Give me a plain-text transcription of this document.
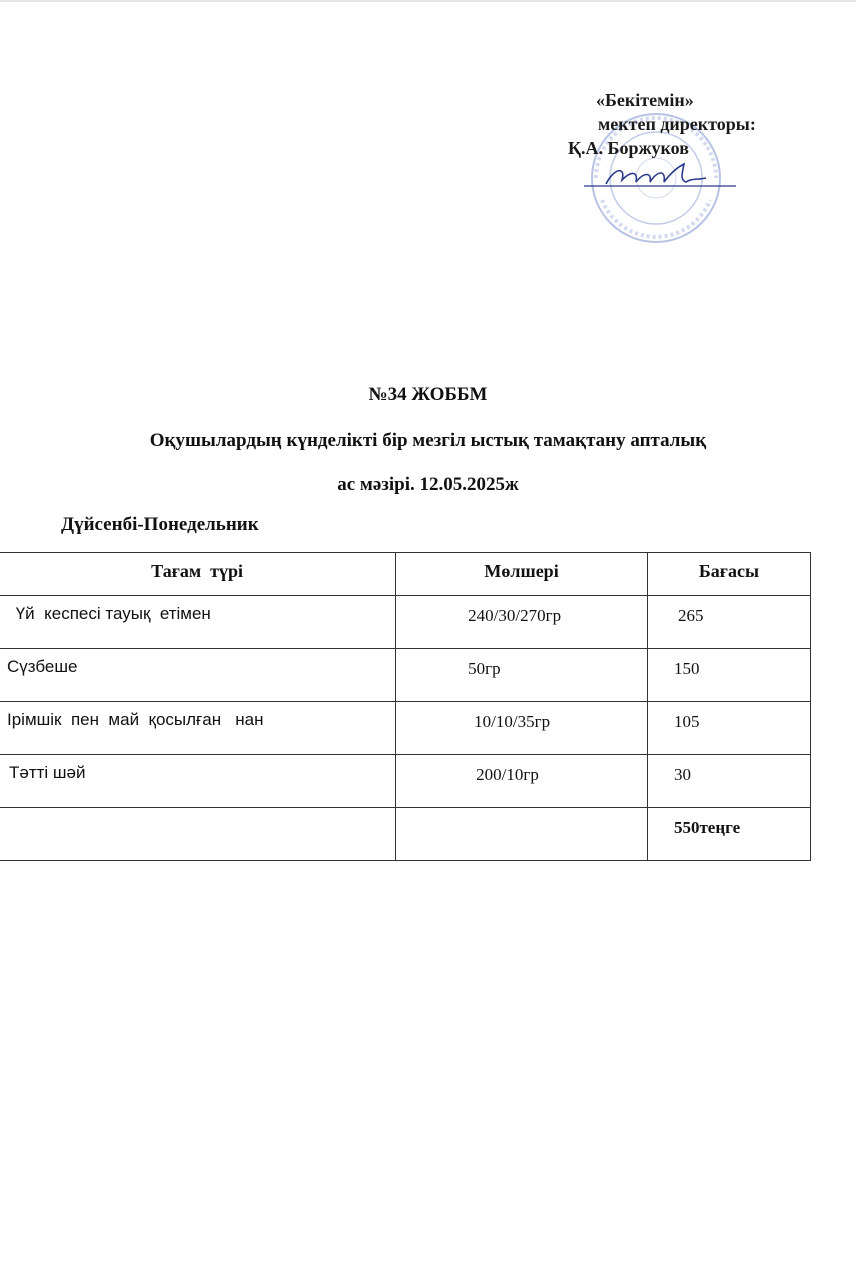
«Бекітемін»
мектеп директоры:
Қ.А. Боржуков
№34 ЖОББМ
Оқушылардың күнделікті бір мезгіл ыстық тамақтану апталық
ас мәзірі. 12.05.2025ж
Дүйсенбі-Понедельник
Тағам  түрі	Мөлшері	Бағасы
Үй  кеспесі тауық  етімен	240/30/270гр	265
Сүзбеше	50гр	150
Ірімшік  пен  май  қосылған   нан	10/10/35гр	105
Тәтті шәй	200/10гр	30
		550теңге
